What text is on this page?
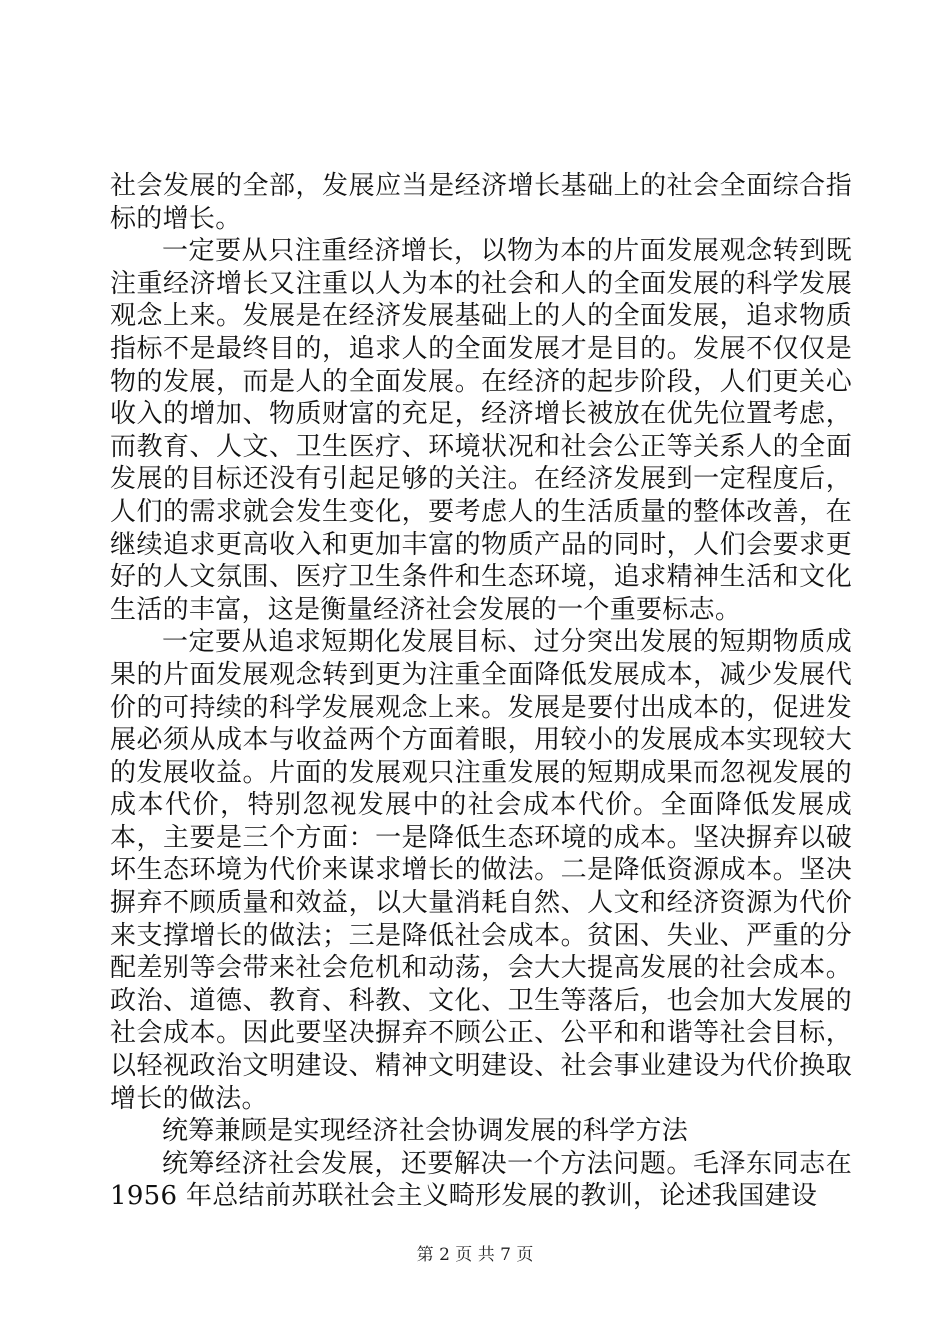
社会发展的全部，发展应当是经济增长基础上的社会全面综合指标的增长。

一定要从只注重经济增长，以物为本的片面发展观念转到既注重经济增长又注重以人为本的社会和人的全面发展的科学发展观念上来。发展是在经济发展基础上的人的全面发展，追求物质指标不是最终目的，追求人的全面发展才是目的。发展不仅仅是物的发展，而是人的全面发展。在经济的起步阶段，人们更关心收入的增加、物质财富的充足，经济增长被放在优先位置考虑，而教育、人文、卫生医疗、环境状况和社会公正等关系人的全面发展的目标还没有引起足够的关注。在经济发展到一定程度后，人们的需求就会发生变化，要考虑人的生活质量的整体改善，在继续追求更高收入和更加丰富的物质产品的同时，人们会要求更好的人文氛围、医疗卫生条件和生态环境，追求精神生活和文化生活的丰富，这是衡量经济社会发展的一个重要标志。

一定要从追求短期化发展目标、过分突出发展的短期物质成果的片面发展观念转到更为注重全面降低发展成本，减少发展代价的可持续的科学发展观念上来。发展是要付出成本的，促进发展必须从成本与收益两个方面着眼，用较小的发展成本实现较大的发展收益。片面的发展观只注重发展的短期成果而忽视发展的成本代价，特别忽视发展中的社会成本代价。全面降低发展成本，主要是三个方面：一是降低生态环境的成本。坚决摒弃以破坏生态环境为代价来谋求增长的做法。二是降低资源成本。坚决摒弃不顾质量和效益，以大量消耗自然、人文和经济资源为代价来支撑增长的做法；三是降低社会成本。贫困、失业、严重的分配差别等会带来社会危机和动荡，会大大提高发展的社会成本。政治、道德、教育、科教、文化、卫生等落后，也会加大发展的社会成本。因此要坚决摒弃不顾公正、公平和和谐等社会目标，以轻视政治文明建设、精神文明建设、社会事业建设为代价换取增长的做法。

统筹兼顾是实现经济社会协调发展的科学方法

统筹经济社会发展，还要解决一个方法问题。毛泽东同志在 1956 年总结前苏联社会主义畸形发展的教训，论述我国建设

第 2 页 共 7 页
